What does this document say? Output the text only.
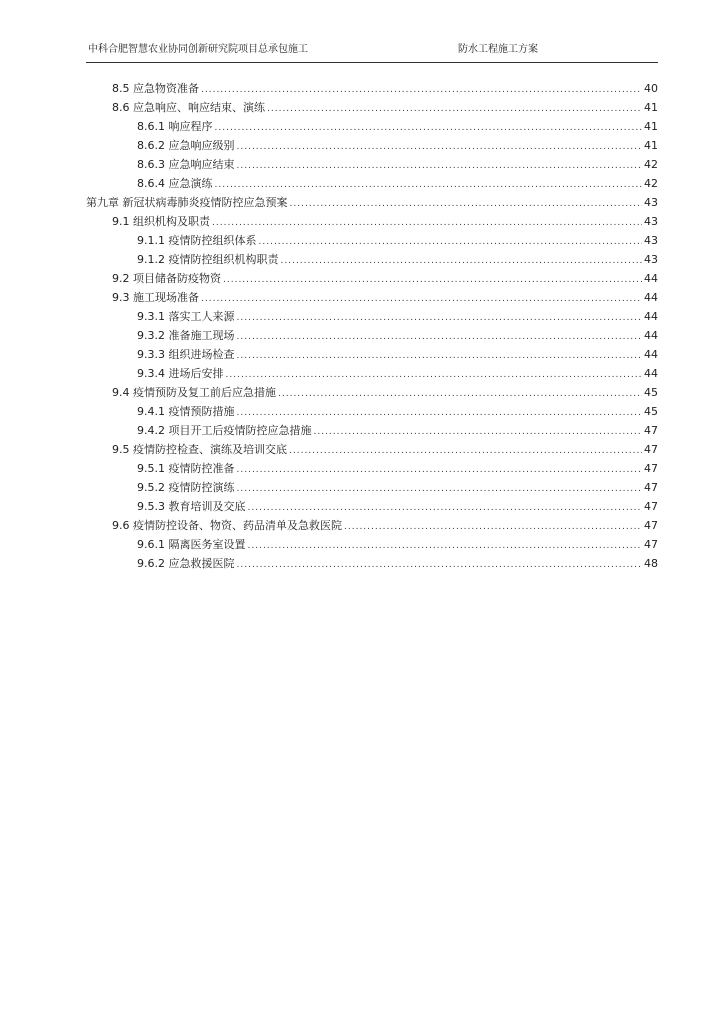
中科合肥智慧农业协同创新研究院项目总承包施工	防水工程施工方案
8.5 应急物资准备 .....	40
8.6 应急响应、响应结束、演练 .....	41
8.6.1 响应程序 .....	41
8.6.2 应急响应级别 .....	41
8.6.3 应急响应结束 .....	42
8.6.4 应急演练 .....	42
第九章 新冠状病毒肺炎疫情防控应急预案 .....	43
9.1 组织机构及职责 .....	43
9.1.1 疫情防控组织体系 .....	43
9.1.2 疫情防控组织机构职责 .....	43
9.2 项目储备防疫物资 .....	44
9.3 施工现场准备 .....	44
9.3.1 落实工人来源 .....	44
9.3.2 准备施工现场 .....	44
9.3.3 组织进场检查 .....	44
9.3.4 进场后安排 .....	44
9.4 疫情预防及复工前后应急措施 .....	45
9.4.1 疫情预防措施 .....	45
9.4.2 项目开工后疫情防控应急措施 .....	47
9.5 疫情防控检查、演练及培训交底 .....	47
9.5.1 疫情防控准备 .....	47
9.5.2 疫情防控演练 .....	47
9.5.3 教育培训及交底 .....	47
9.6 疫情防控设备、物资、药品清单及急救医院 .....	47
9.6.1 隔离医务室设置 .....	47
9.6.2 应急救援医院 .....	48
